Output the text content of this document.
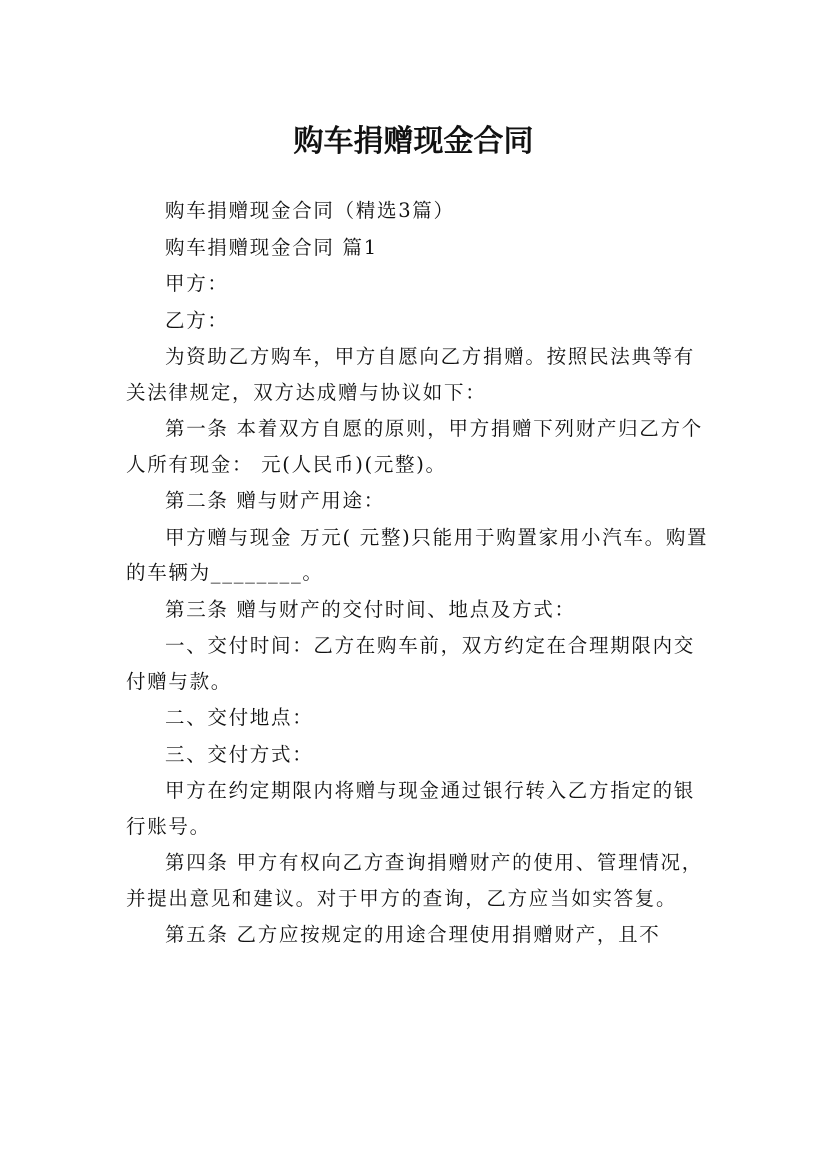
购车捐赠现金合同

购车捐赠现金合同（精选3篇）

购车捐赠现金合同 篇1

甲方：

乙方：

为资助乙方购车，甲方自愿向乙方捐赠。按照民法典等有关法律规定，双方达成赠与协议如下：

第一条 本着双方自愿的原则，甲方捐赠下列财产归乙方个人所有现金： 元(人民币)(元整)。

第二条 赠与财产用途：

甲方赠与现金 万元( 元整)只能用于购置家用小汽车。购置的车辆为________。

第三条 赠与财产的交付时间、地点及方式：

一、交付时间：乙方在购车前，双方约定在合理期限内交付赠与款。

二、交付地点：

三、交付方式：

甲方在约定期限内将赠与现金通过银行转入乙方指定的银行账号。

第四条 甲方有权向乙方查询捐赠财产的使用、管理情况，并提出意见和建议。对于甲方的查询，乙方应当如实答复。

第五条 乙方应按规定的用途合理使用捐赠财产，且不
